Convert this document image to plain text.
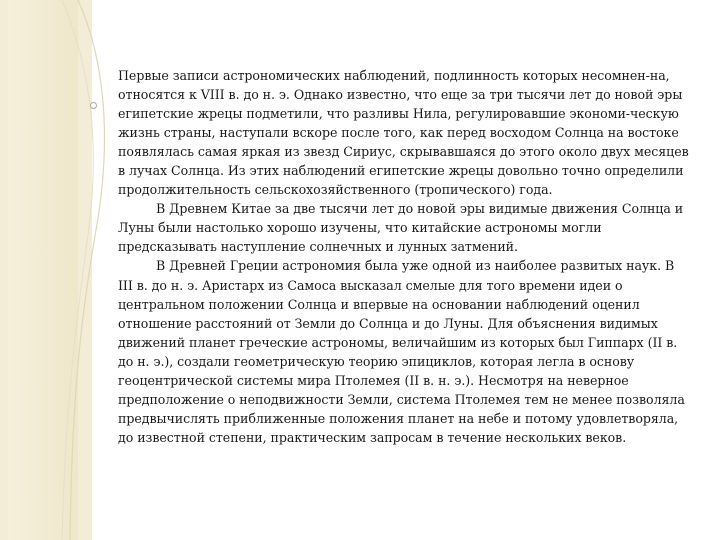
Первые записи астрономических наблюдений, подлинность которых несомнен-на, относятся к VIII в. до н. э. Однако известно, что еще за три тысячи лет до новой эры египетские жрецы подметили, что разливы Нила, регулировавшие экономи-ческую жизнь страны, наступали вскоре после того, как перед восходом Солнца на востоке появлялась самая яркая из звезд Сириус, скрывавшаяся до этого около двух месяцев в лучах Солнца. Из этих наблюдений египетские жрецы довольно точно определили продолжительность сельскохозяйственного (тропического) года.

В Древнем Китае за две тысячи лет до новой эры видимые движения Солнца и Луны были настолько хорошо изучены, что китайские астрономы могли предсказывать наступление солнечных и лунных затмений.

В Древней Греции астрономия была уже одной из наиболее развитых наук. В III в. до н. э. Аристарх из Самоса высказал смелые для того времени идеи о центральном положении Солнца и впервые на основании наблюдений оценил отношение расстояний от Земли до Солнца и до Луны. Для объяснения видимых движений планет греческие астрономы, величайшим из которых был Гиппарх (II в. до н. э.), создали геометрическую теорию эпициклов, которая легла в основу геоцентрической системы мира Птолемея (II в. н. э.). Несмотря на неверное предположение о неподвижности Земли, система Птолемея тем не менее позволяла предвычислять приближенные положения планет на небе и потому удовлетворяла, до известной степени, практическим запросам в течение нескольких веков.
